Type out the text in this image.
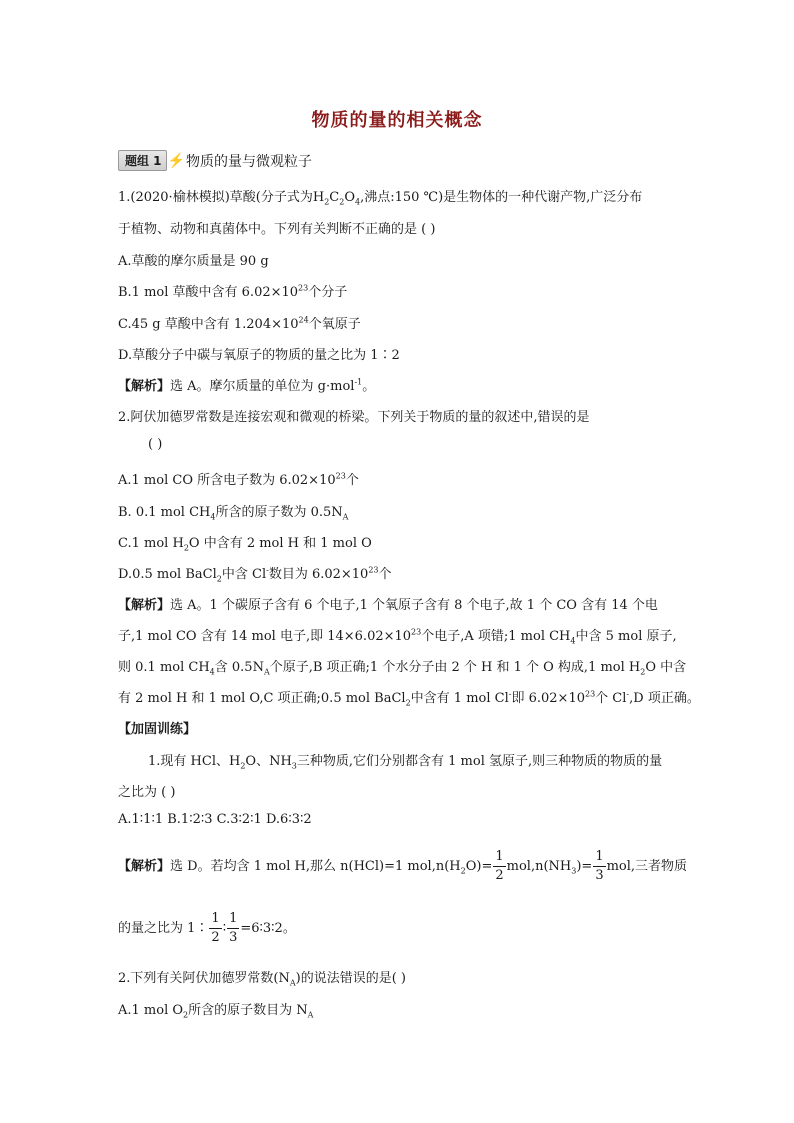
物质的量的相关概念
题组 1 ⚡ 物质的量与微观粒子
1.(2020·榆林模拟)草酸(分子式为$H_2C_2O_4$,沸点:150 ℃)是生物体的一种代谢产物,广泛分布
于植物、动物和真菌体中。下列有关判断不正确的是 ( )
A.草酸的摩尔质量是 90 g
B.1 mol 草酸中含有 $6.02\times 10^{23}$个分子
C.45 g 草酸中含有 $1.204\times 10^{24}$个氧原子
D.草酸分子中碳与氧原子的物质的量之比为 1∶2
【解析】选 A。摩尔质量的单位为 g·mol$^{-1}$。
2.阿伏加德罗常数是连接宏观和微观的桥梁。下列关于物质的量的叙述中,错误的是
( )
A.1 mol CO 所含电子数为 $6.02\times 10^{23}$个
B. 0.1 mol $CH_4$所含的原子数为 $0.5N_A$
C.1 mol $H_2O$ 中含有 2 mol H 和 1 mol O
D.0.5 mol BaCl$_2$中含 Cl-数目为 $6.02\times 10^{23}$个
【解析】选 A。1 个碳原子含有 6 个电子,1 个氧原子含有 8 个电子,故 1 个 CO 含有 14 个电
子,1 mol CO 含有 14 mol 电子,即 $14\times 6.02\times 10^{23}$个电子,A 项错;1 mol $CH_4$中含 5 mol 原子,
则 0.1 mol $CH_4$含 $0.5N_A$个原子,B 项正确;1 个水分子由 2 个 H 和 1 个 O 构成,1 mol $H_2O$ 中含
有 2 mol H 和 1 mol O,C 项正确;0.5 mol BaCl$_2$中含有 1 mol Cl-即 $6.02\times 10^{23}$个 Cl-,D 项正确。
【加固训练】
1.现有 HCl、$H_2O$、$NH_3$三种物质,它们分别都含有 1 mol 氢原子,则三种物质的物质的量
之比为 ( )
A.1∶1∶1 B.1∶2∶3 C.3∶2∶1 D.6∶3∶2
【解析】选 D。若均含 1 mol H,那么 n(HCl)=1 $mol,n(H_2O)= \frac{1}{2} mol,n(NH_3)= \frac{1}{3}$ mol,三者物质
的量之比为 1∶ $\frac{1}{2}$ ∶ $\frac{1}{3}$ =6∶3∶2。
2.下列有关阿伏加德罗常数$(N_A)$的说法错误的是( )
A.1 mol $O_2$所含的原子数目为 $N_A$
